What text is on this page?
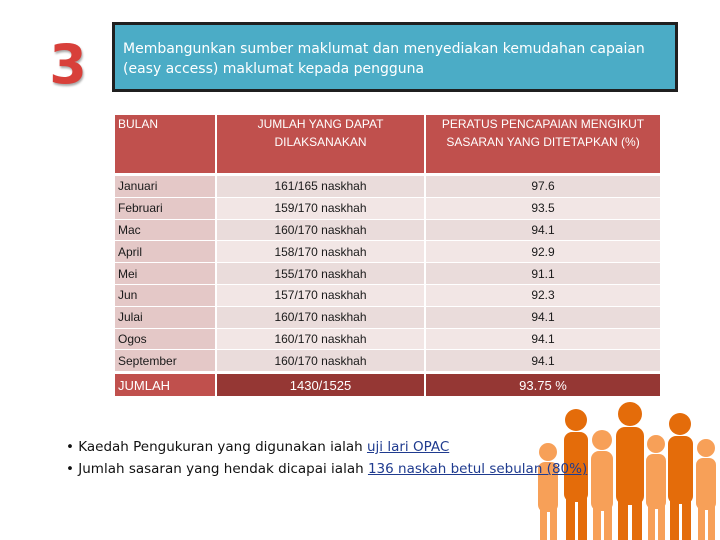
3	Membangunkan sumber maklumat dan menyediakan kemudahan capaian (easy access) maklumat kepada pengguna
BULAN	JUMLAH YANG DAPAT DILAKSANAKAN	PERATUS PENCAPAIAN MENGIKUT SASARAN YANG DITETAPKAN (%)
Januari	161/165 naskhah	97.6
Februari	159/170 naskhah	93.5
Mac	160/170 naskhah	94.1
April	158/170 naskhah	92.9
Mei	155/170 naskhah	91.1
Jun	157/170 naskhah	92.3
Julai	160/170 naskhah	94.1
Ogos	160/170 naskhah	94.1
September	160/170 naskhah	94.1
JUMLAH	1430/1525	93.75 %
• Kaedah Pengukuran yang digunakan ialah uji lari OPAC
• Jumlah sasaran yang hendak dicapai ialah 136 naskah betul sebulan (80%)
